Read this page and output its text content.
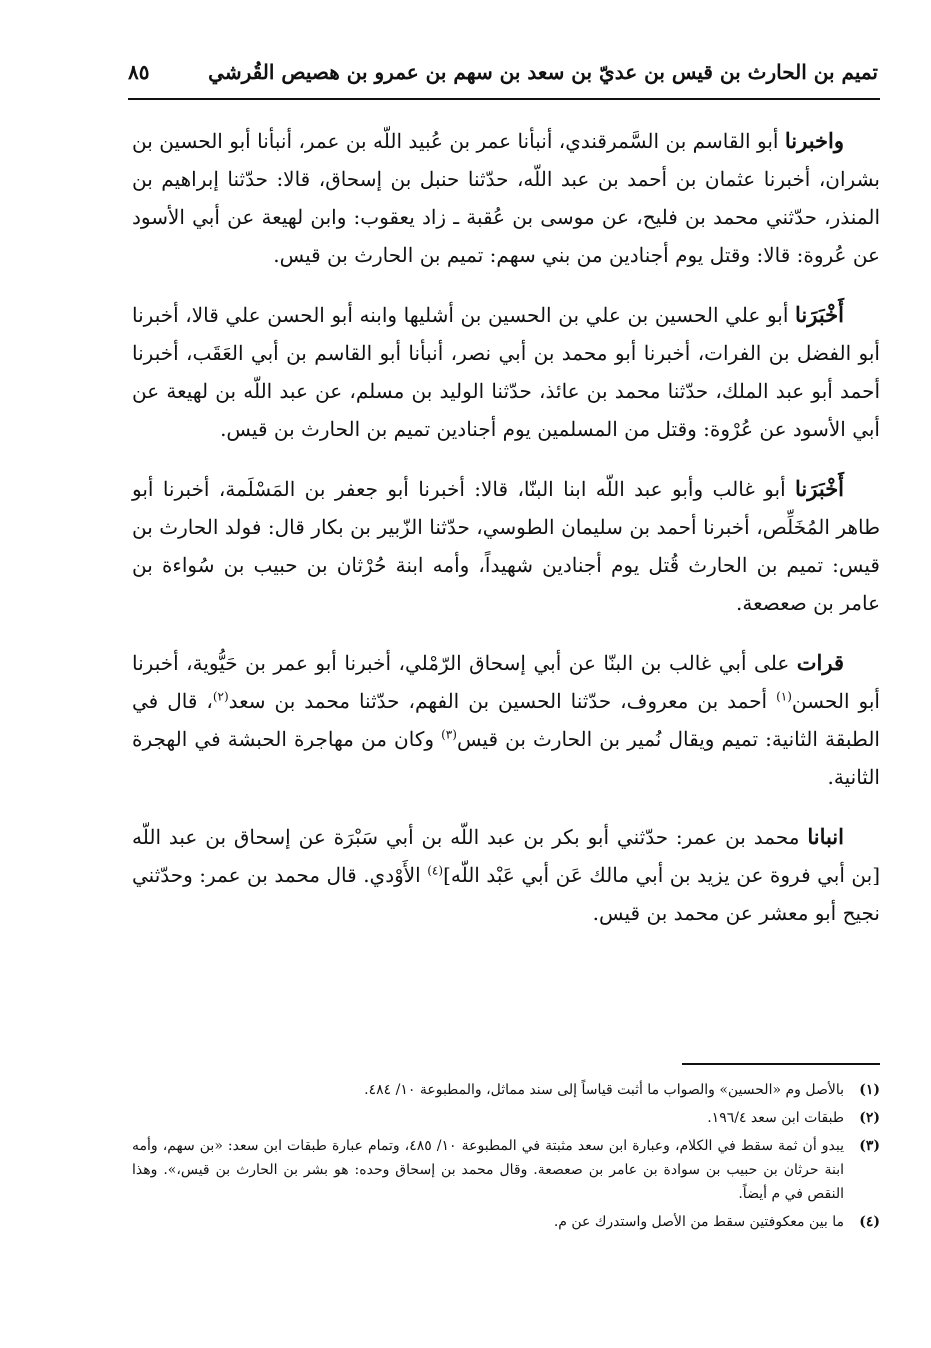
تميم بن الحارث بن قيس بن عديّ بن سعد بن سهم بن عمرو بن هصيص القُرشي
٨٥

واخبرنا أبو القاسم بن السَّمرقندي، أنبأنا عمر بن عُبيد اللّه بن عمر، أنبأنا أبو الحسين بن بشران، أخبرنا عثمان بن أحمد بن عبد اللّه، حدّثنا حنبل بن إسحاق، قالا: حدّثنا إبراهيم بن المنذر، حدّثني محمد بن فليح، عن موسى بن عُقبة ـ زاد يعقوب: وابن لهيعة عن أبي الأسود عن عُروة: قالا: وقتل يوم أجنادين من بني سهم: تميم بن الحارث بن قيس.

أَخْبَرَنا أبو علي الحسين بن علي بن الحسين بن أشليها وابنه أبو الحسن علي قالا، أخبرنا أبو الفضل بن الفرات، أخبرنا أبو محمد بن أبي نصر، أنبأنا أبو القاسم بن أبي العَقَب، أخبرنا أحمد أبو عبد الملك، حدّثنا محمد بن عائذ، حدّثنا الوليد بن مسلم، عن عبد اللّه بن لهيعة عن أبي الأسود عن عُرْوة: وقتل من المسلمين يوم أجنادين تميم بن الحارث بن قيس.

أَخْبَرَنا أبو غالب وأبو عبد اللّه ابنا البنّا، قالا: أخبرنا أبو جعفر بن المَسْلَمة، أخبرنا أبو طاهر المُخَلِّص، أخبرنا أحمد بن سليمان الطوسي، حدّثنا الزّبير بن بكار قال: فولد الحارث بن قيس: تميم بن الحارث قُتل يوم أجنادين شهيداً، وأمه ابنة حُرْثان بن حبيب بن سُواءة بن عامر بن صعصعة.

قرات على أبي غالب بن البنّا عن أبي إسحاق الرّمْلي، أخبرنا أبو عمر بن حَيُّوية، أخبرنا أبو الحسن$^{(١)}$ أحمد بن معروف، حدّثنا الحسين بن الفهم، حدّثنا محمد بن سعد$^{(٢)}$، قال في الطبقة الثانية: تميم ويقال نُمير بن الحارث بن قيس$^{(٣)}$ وكان من مهاجرة الحبشة في الهجرة الثانية.

انبانا محمد بن عمر: حدّثني أبو بكر بن عبد اللّه بن أبي سَبْرَة عن إسحاق بن عبد اللّه [بن أبي فروة عن يزيد بن أبي مالك عَن أبي عَبْد اللّه]$^{(٤)}$ الأَوْدي. قال محمد بن عمر: وحدّثني نجيح أبو معشر عن محمد بن قيس.

(١)
بالأصل وم «الحسين» والصواب ما أثبت قياساً إلى سند مماثل، والمطبوعة ١٠/ ٤٨٤.
(٢)
طبقات ابن سعد ١٩٦/٤.
(٣)
يبدو أن ثمة سقط في الكلام، وعبارة ابن سعد مثبتة في المطبوعة ١٠/ ٤٨٥، وتمام عبارة طبقات ابن سعد: «بن سهم، وأمه ابنة حرثان بن حبيب بن سوادة بن عامر بن صعصعة. وقال محمد بن إسحاق وحده: هو بشر بن الحارث بن قيس،». وهذا النقص في م أيضاً.
(٤)
ما بين معكوفتين سقط من الأصل واستدرك عن م.
